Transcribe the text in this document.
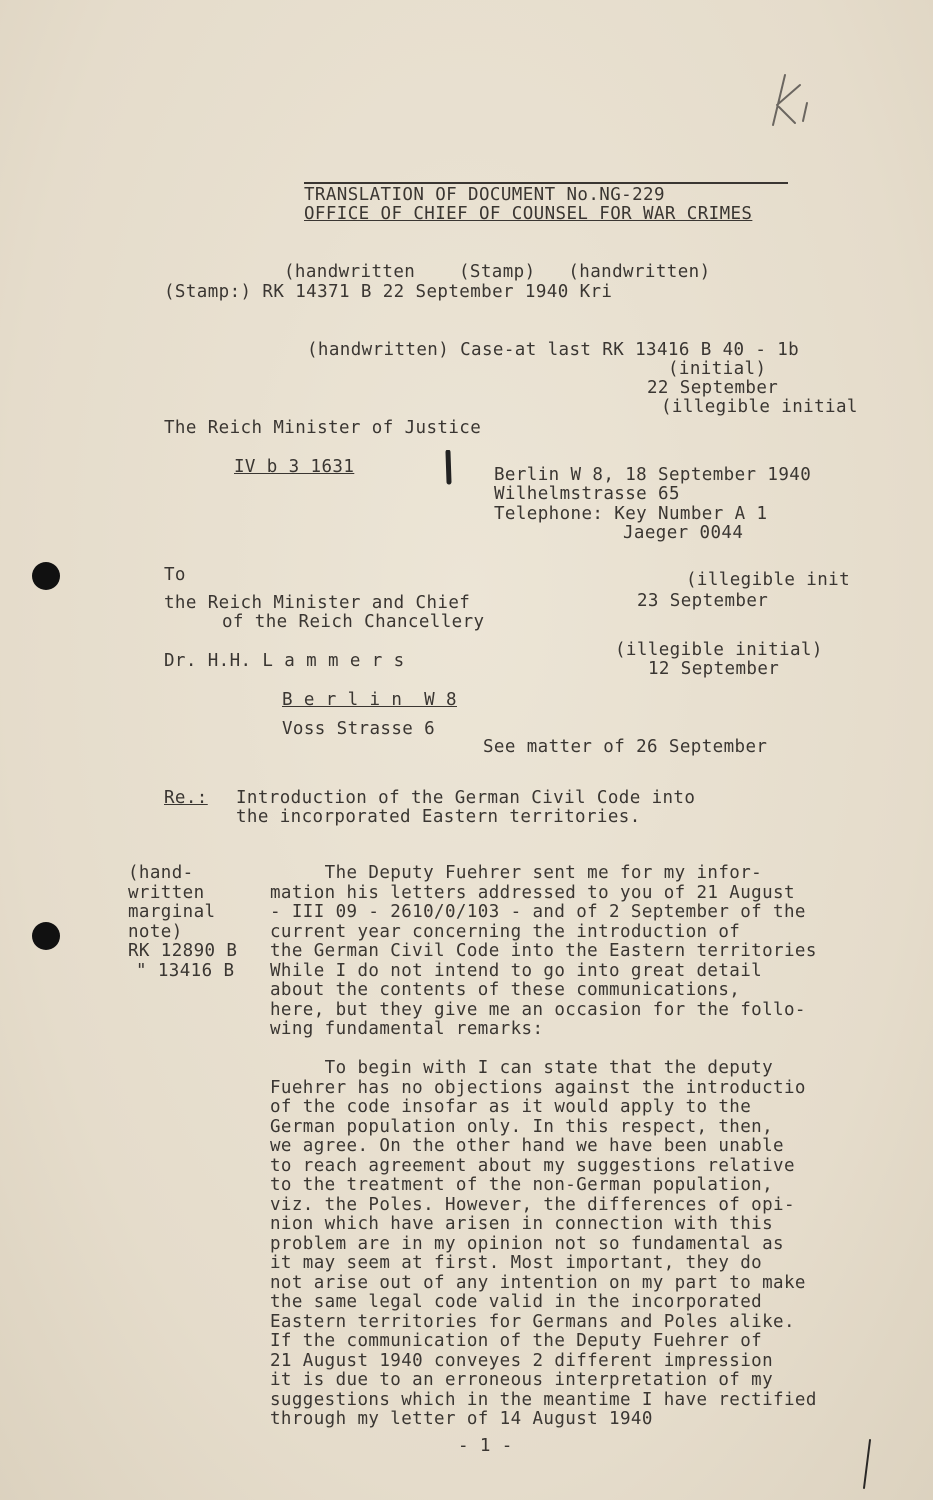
TRANSLATION OF DOCUMENT No.NG-229
OFFICE OF CHIEF OF COUNSEL FOR WAR CRIMES
(handwritten    (Stamp)   (handwritten)
(Stamp:) RK 14371 B 22 September 1940 Kri
(handwritten) Case-at last RK 13416 B 40 - 1b
(initial)
22 September
(illegible initial
The Reich Minister of Justice
IV b 3 1631	Berlin W 8, 18 September 1940
Wilhelmstrasse 65
Telephone: Key Number A 1
Jaeger 0044
To
the Reich Minister and Chief
of the Reich Chancellery
Dr. H.H. L a m m e r s
B e r l i n  W 8
Voss Strasse 6
(illegible init
23 September
(illegible initial)
12 September
See matter of 26 September
Re.: Introduction of the German Civil Code into
the incorporated Eastern territories.
(hand-
written
marginal
note)
RK 12890 B
" 13416 B
The Deputy Fuehrer sent me for my infor-
mation his letters addressed to you of 21 August
- III 09 - 2610/0/103 - and of 2 September of the
current year concerning the introduction of
the German Civil Code into the Eastern territories
While I do not intend to go into great detail
about the contents of these communications,
here, but they give me an occasion for the follo-
wing fundamental remarks:
To begin with I can state that the deputy
Fuehrer has no objections against the introductio
of the code insofar as it would apply to the
German population only. In this respect, then,
we agree. On the other hand we have been unable
to reach agreement about my suggestions relative
to the treatment of the non-German population,
viz. the Poles. However, the differences of opi-
nion which have arisen in connection with this
problem are in my opinion not so fundamental as
it may seem at first. Most important, they do
not arise out of any intention on my part to make
the same legal code valid in the incorporated
Eastern territories for Germans and Poles alike.
If the communication of the Deputy Fuehrer of
21 August 1940 conveyes 2 different impression
it is due to an erroneous interpretation of my
suggestions which in the meantime I have rectified
through my letter of 14 August 1940
- 1 -
